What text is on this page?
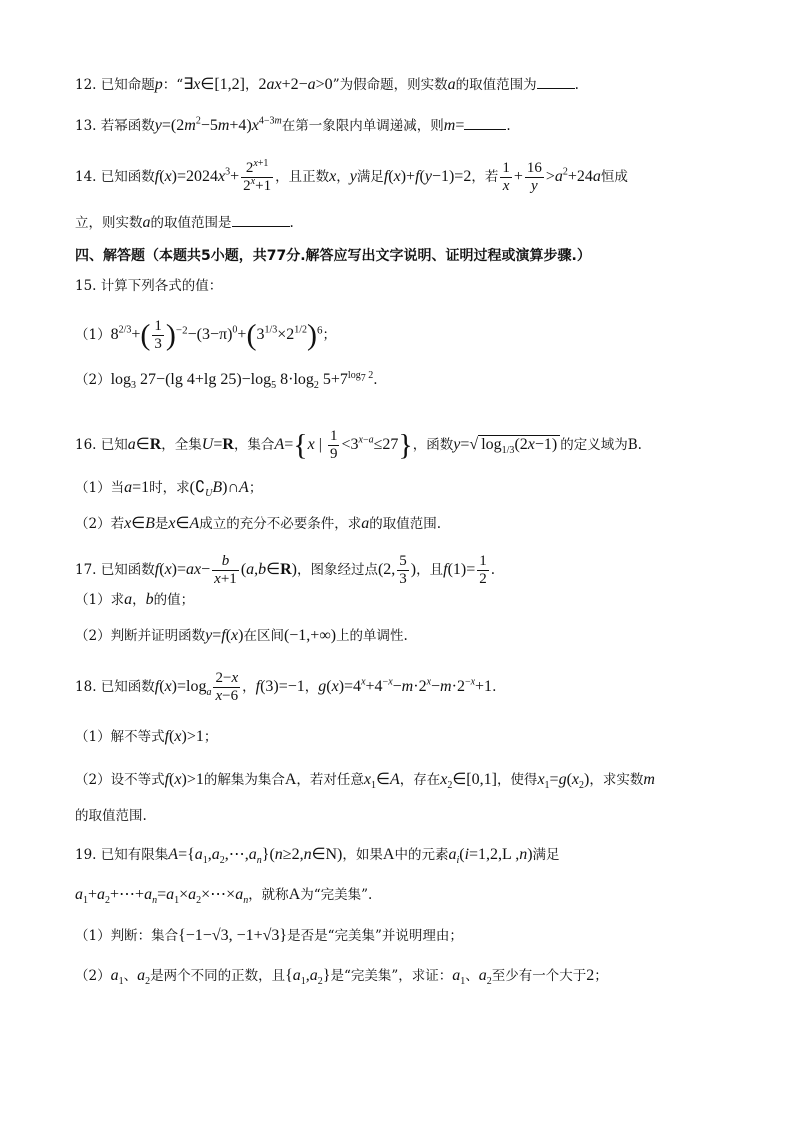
12. 已知命题p：“∃x∈[1,2]，2ax+2−a>0”为假命题，则实数a的取值范围为	.
13. 若幂函数$y=(2m^2-5m+4)x^{4-3m}$在第一象限内单调递减，则m=	.
14. 已知函数$f(x)=2024x^3+ \frac{2^{x+1}}{2^x+1}$ ，且正数x，y满足f(x)+f(y−1)=2，若 $\frac{1}{x} + \frac{16}{y} >a^2+24a$恒成
立，则实数a的取值范围是	.
四、解答题（本题共5小题，共77分.解答应写出文字说明、证明过程或演算步骤.）
15. 计算下列各式的值：
$(1)8^{2/3}+( \frac{1}{3} )^{-2}-(3-\pi)^0+(3^{1/3}\times 2^{1/2})^6$；
$(2)\log_3$ 27−(lg 4+lg $25)-\log_5$ $8\cdot\log_2$ $5+7^{log_7 2}$.
16. 已知a∈R，全集U=R，集合A={x | $\frac{1}{9} <3^{x-a}\le 27$}，函数y=√ $\log_{1/3}(2x-1)$ 的定义域为B.
（1）当a=1时，求$(∁_UB)\cap A$；
（2）若x∈B是x∈A成立的充分不必要条件，求a的取值范围.
17. 已知函数$f(x)=ax- \frac{b}{x+1}$ (a,b∈R)，图象经过点(2, $\frac{5}{3}$ )，且$f(1)= \frac{1}{2}$ .
（1）求a，b的值；
（2）判断并证明函数y=f(x)在区间(−1,+∞)上的单调性.
18. 已知函数$f(x)=\log_a \frac{2-x}{x-6}$ ，f(3)=−1，$g(x)=4^x+4^{-x}-m\cdot 2^x-m\cdot 2^{-x}+1$.
（1）解不等式f(x)>1；
（2）设不等式f(x)>1的解集为集合A，若对任意$x_1\in A$，存在$x_2\in[0,1]$，使得$x_1=g(x_2)$，求实数m
的取值范围.
19. 已知有限集$A=\{a_1,a_2,\cdots,a_n\}(n\ge 2,n\in N)$，如果A中的元素$a_i(i=1,2,L$ ,n)满足
$a_1+a_2+\cdots+a_n=a_1\times a_2\times\cdots\times a_n$，就称A为“完美集”.
（1）判断：集合{−1−√3, −1+√3}是否是“完美集”并说明理由；
$(2)a_1$、$a_2$是两个不同的正数，且$\{a_1,a_2\}$是“完美集”，求证：$a_1$、$a_2$至少有一个大于2；
